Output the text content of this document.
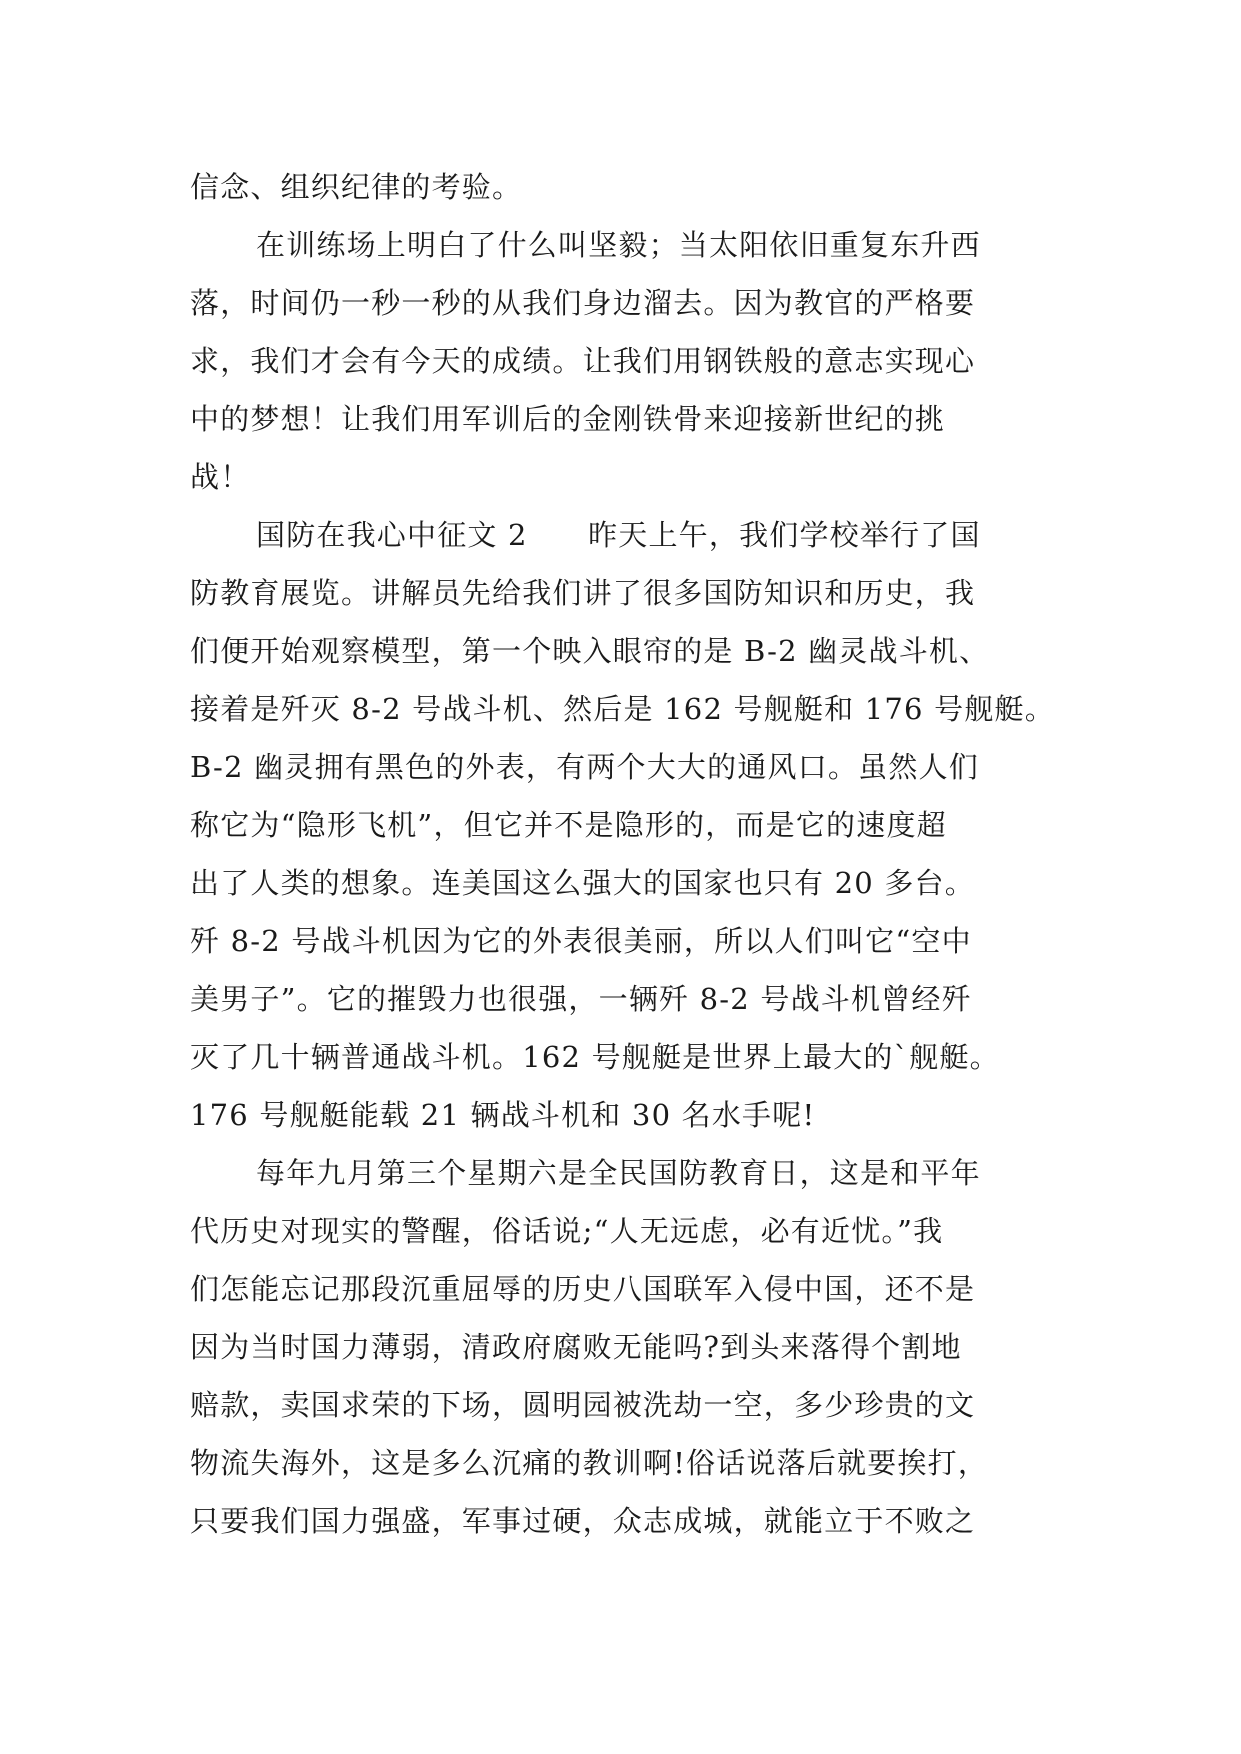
信念、组织纪律的考验。
在训练场上明白了什么叫坚毅；当太阳依旧重复东升西
落，时间仍一秒一秒的从我们身边溜去。因为教官的严格要
求，我们才会有今天的成绩。让我们用钢铁般的意志实现心
中的梦想！让我们用军训后的金刚铁骨来迎接新世纪的挑
战！
国防在我心中征文 2　　昨天上午，我们学校举行了国
防教育展览。讲解员先给我们讲了很多国防知识和历史，我
们便开始观察模型，第一个映入眼帘的是 B-2 幽灵战斗机、
接着是歼灭 8-2 号战斗机、然后是 162 号舰艇和 176 号舰艇。
B-2 幽灵拥有黑色的外表，有两个大大的通风口。虽然人们
称它为“隐形飞机”，但它并不是隐形的，而是它的速度超
出了人类的想象。连美国这么强大的国家也只有 20 多台。
歼 8-2 号战斗机因为它的外表很美丽，所以人们叫它“空中
美男子”。它的摧毁力也很强，一辆歼 8-2 号战斗机曾经歼
灭了几十辆普通战斗机。162 号舰艇是世界上最大的`舰艇。
176 号舰艇能载 21 辆战斗机和 30 名水手呢!
每年九月第三个星期六是全民国防教育日，这是和平年
代历史对现实的警醒，俗话说;“人无远虑，必有近忧。”我
们怎能忘记那段沉重屈辱的历史八国联军入侵中国，还不是
因为当时国力薄弱，清政府腐败无能吗?到头来落得个割地
赔款，卖国求荣的下场，圆明园被洗劫一空，多少珍贵的文
物流失海外，这是多么沉痛的教训啊!俗话说落后就要挨打，
只要我们国力强盛，军事过硬，众志成城，就能立于不败之
